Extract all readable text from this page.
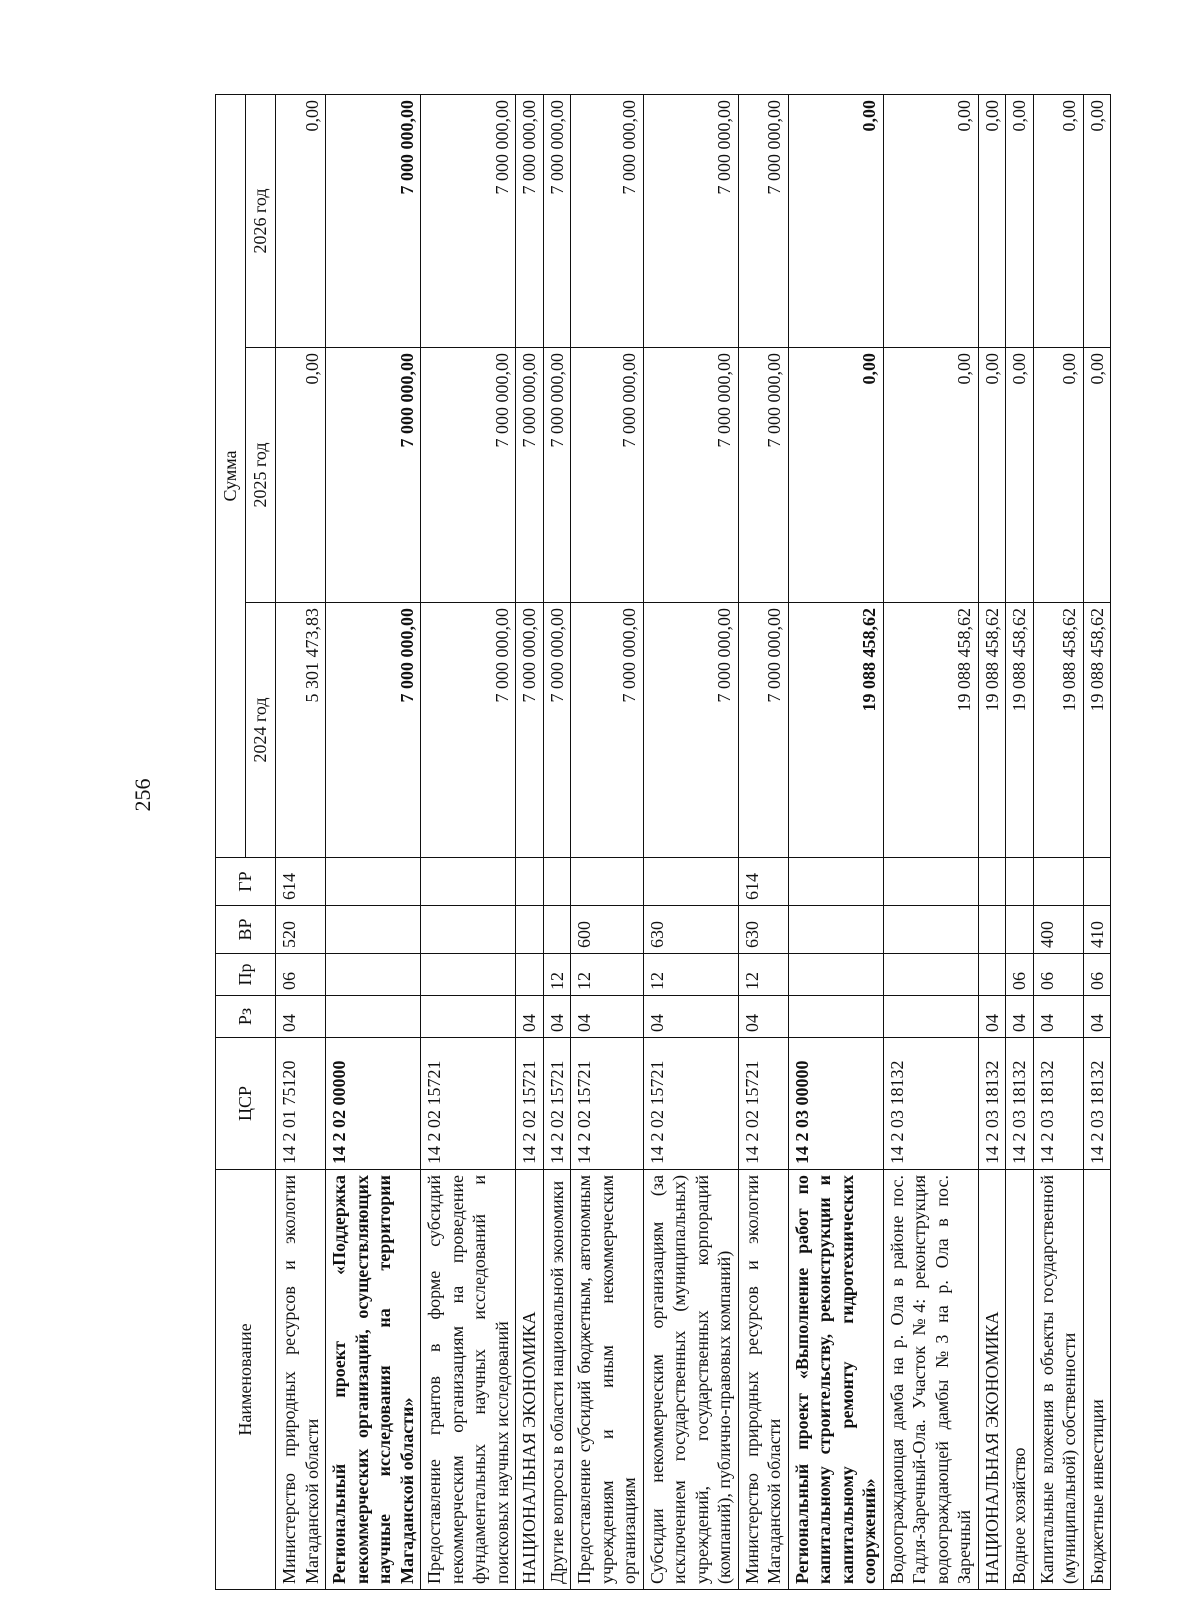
256
Наименование	ЦСР	Рз	Пр	ВР	ГР	Сумма		
						2024 год	2025 год	2026 год
Министерство природных ресурсов и экологии Магаданской области	14 2 01 75120	04	06	520	614	5 301 473,83	0,00	0,00
Региональный проект «Поддержка некоммерческих организаций, осуществляющих научные исследования на территории Магаданской области»	14 2 02 00000					7 000 000,00	7 000 000,00	7 000 000,00
Предоставление грантов в форме субсидий некоммерческим организациям на проведение фундаментальных научных исследований и поисковых научных исследований	14 2 02 15721					7 000 000,00	7 000 000,00	7 000 000,00
НАЦИОНАЛЬНАЯ ЭКОНОМИКА	14 2 02 15721	04				7 000 000,00	7 000 000,00	7 000 000,00
Другие вопросы в области национальной экономики	14 2 02 15721	04	12			7 000 000,00	7 000 000,00	7 000 000,00
Предоставление субсидий бюджетным, автономным учреждениям и иным некоммерческим организациям	14 2 02 15721	04	12	600		7 000 000,00	7 000 000,00	7 000 000,00
Субсидии некоммерческим организациям (за исключением государственных (муниципальных) учреждений, государственных корпораций (компаний), публично-правовых компаний)	14 2 02 15721	04	12	630		7 000 000,00	7 000 000,00	7 000 000,00
Министерство природных ресурсов и экологии Магаданской области	14 2 02 15721	04	12	630	614	7 000 000,00	7 000 000,00	7 000 000,00
Региональный проект «Выполнение работ по капитальному строительству, реконструкции и капитальному ремонту гидротехнических сооружений»	14 2 03 00000					19 088 458,62	0,00	0,00
Водоограждающая дамба на р. Ола в районе пос. Гадля-Заречный-Ола. Участок №4: реконструкция водоограждающей дамбы №3 на р. Ола в пос. Заречный	14 2 03 18132					19 088 458,62	0,00	0,00
НАЦИОНАЛЬНАЯ ЭКОНОМИКА	14 2 03 18132	04				19 088 458,62	0,00	0,00
Водное хозяйство	14 2 03 18132	04	06			19 088 458,62	0,00	0,00
Капитальные вложения в объекты государственной (муниципальной) собственности	14 2 03 18132	04	06	400		19 088 458,62	0,00	0,00
Бюджетные инвестиции	14 2 03 18132	04	06	410		19 088 458,62	0,00	0,00
